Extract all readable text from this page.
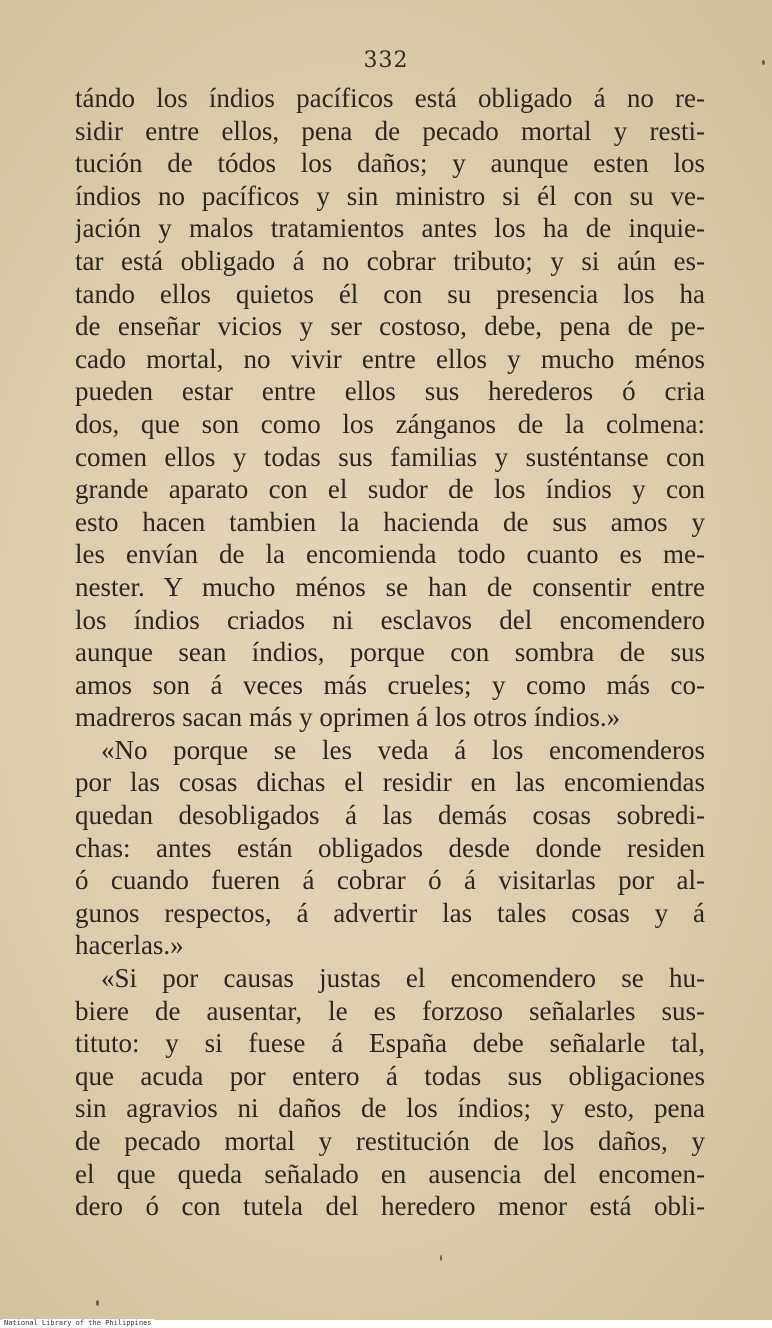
332
tándo los índios pacíficos está obligado á no re-
sidir entre ellos, pena de pecado mortal y resti-
tución de tódos los daños; y aunque esten los
índios no pacíficos y sin ministro si él con su ve-
jación y malos tratamientos antes los ha de inquie-
tar está obligado á no cobrar tributo; y si aún es-
tando ellos quietos él con su presencia los ha
de enseñar vicios y ser costoso, debe, pena de pe-
cado mortal, no vivir entre ellos y mucho ménos
pueden estar entre ellos sus herederos ó cria
dos, que son como los zánganos de la colmena:
comen ellos y todas sus familias y susténtanse con
grande aparato con el sudor de los índios y con
esto hacen tambien la hacienda de sus amos y
les envían de la encomienda todo cuanto es me-
nester. Y mucho ménos se han de consentir entre
los índios criados ni esclavos del encomendero
aunque sean índios, porque con sombra de sus
amos son á veces más crueles; y como más co-
madreros sacan más y oprimen á los otros índios.»
«No porque se les veda á los encomenderos
por las cosas dichas el residir en las encomiendas
quedan desobligados á las demás cosas sobredi-
chas: antes están obligados desde donde residen
ó cuando fueren á cobrar ó á visitarlas por al-
gunos respectos, á advertir las tales cosas y á
hacerlas.»
«Si por causas justas el encomendero se hu-
biere de ausentar, le es forzoso señalarles sus-
tituto: y si fuese á España debe señalarle tal,
que acuda por entero á todas sus obligaciones
sin agravios ni daños de los índios; y esto, pena
de pecado mortal y restitución de los daños, y
el que queda señalado en ausencia del encomen-
dero ó con tutela del heredero menor está obli-
National Library of the Philippines
